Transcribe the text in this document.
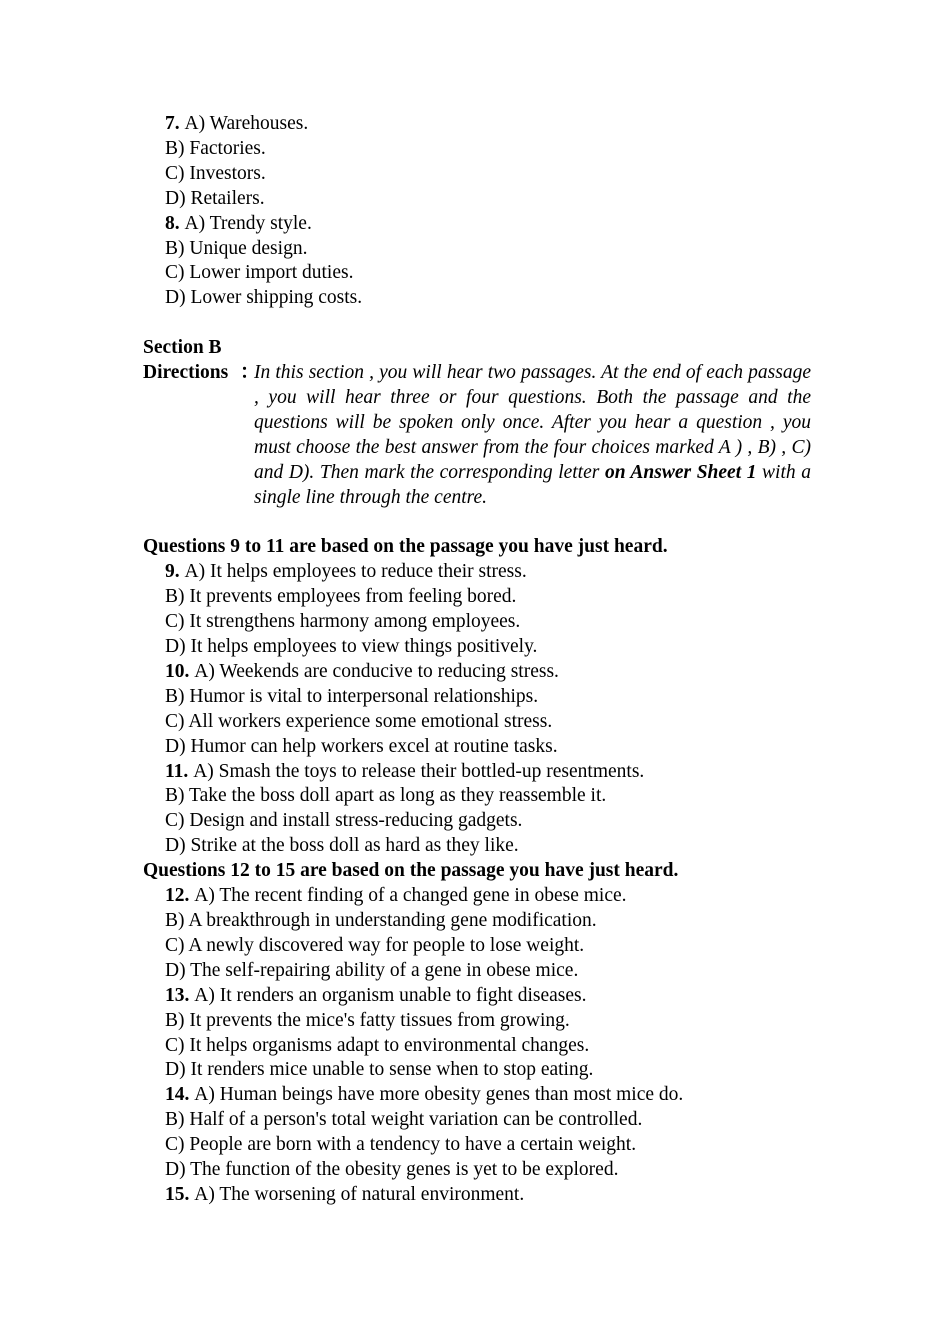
7. A) Warehouses.
B) Factories.
C) Investors.
D) Retailers.
8. A) Trendy style.
B) Unique design.
C) Lower import duties.
D) Lower shipping costs.
Section B
Directions ：
In this section , you will hear two passages. At the end of each passage , you will hear three or four questions. Both the passage and the questions will be spoken only once. After you hear a question , you must choose the best answer from the four choices marked A ) , B) , C) and D). Then mark the corresponding letter on Answer Sheet 1 with a single line through the centre.
Questions 9 to 11 are based on the passage you have just heard.
9. A) It helps employees to reduce their stress.
B) It prevents employees from feeling bored.
C) It strengthens harmony among employees.
D) It helps employees to view things positively.
10. A) Weekends are conducive to reducing stress.
B) Humor is vital to interpersonal relationships.
C) All workers experience some emotional stress.
D) Humor can help workers excel at routine tasks.
11. A) Smash the toys to release their bottled-up resentments.
B) Take the boss doll apart as long as they reassemble it.
C) Design and install stress-reducing gadgets.
D) Strike at the boss doll as hard as they like.
Questions 12 to 15 are based on the passage you have just heard.
12. A) The recent finding of a changed gene in obese mice.
B) A breakthrough in understanding gene modification.
C) A newly discovered way for people to lose weight.
D) The self-repairing ability of a gene in obese mice.
13. A) It renders an organism unable to fight diseases.
B) It prevents the mice's fatty tissues from growing.
C) It helps organisms adapt to environmental changes.
D) It renders mice unable to sense when to stop eating.
14. A) Human beings have more obesity genes than most mice do.
B) Half of a person's total weight variation can be controlled.
C) People are born with a tendency to have a certain weight.
D) The function of the obesity genes is yet to be explored.
15. A) The worsening of natural environment.
